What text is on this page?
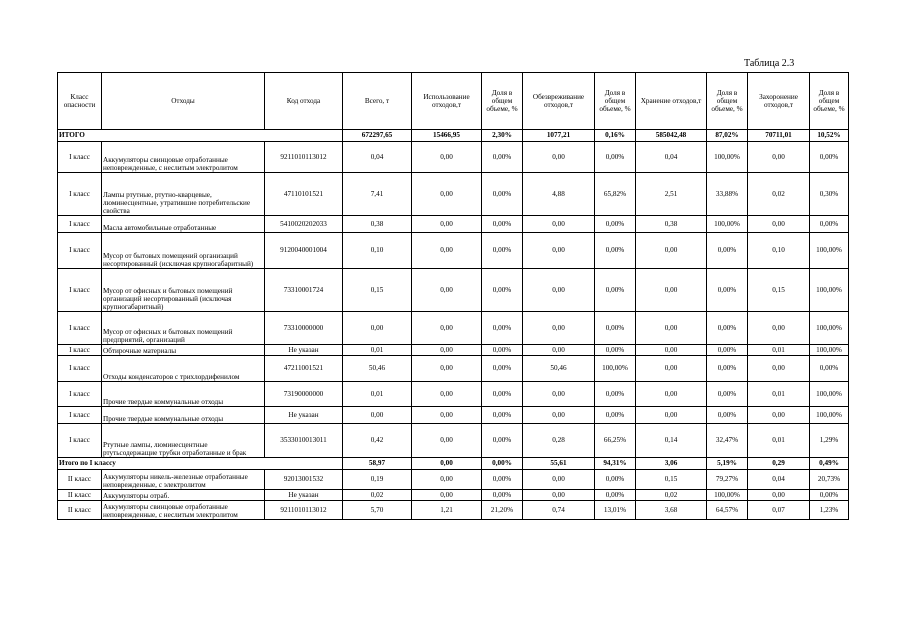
Таблица 2.3
Класс опасности	Отходы	Код отхода	Всего, т	Использование отходов,т	Доля в общем объеме, %	Обезвреживание отходов,т	Доля в общем объеме, %	Хранение отходов,т	Доля в общем объеме, %	Захоронение отходов,т	Доля в общем объеме, %
ИТОГО			672297,65	15466,95	2,30%	1077,21	0,16%	585042,48	87,02%	70711,01	10,52%
I класс	Аккумуляторы свинцовые отработанные неповрежденные, с неслитым электролитом	9211010113012	0,04	0,00	0,00%	0,00	0,00%	0,04	100,00%	0,00	0,00%
I класс	Лампы ртутные, ртутно-кварцевые, люминесцентные, утратившие потребительские свойства	47110101521	7,41	0,00	0,00%	4,88	65,82%	2,51	33,88%	0,02	0,30%
I класс	Масла автомобильные отработанные	5410020202033	0,38	0,00	0,00%	0,00	0,00%	0,38	100,00%	0,00	0,00%
I класс	Мусор от бытовых помещений организаций несортированный (исключая крупногабаритный)	9120040001004	0,10	0,00	0,00%	0,00	0,00%	0,00	0,00%	0,10	100,00%
I класс	Мусор от офисных и бытовых помещений организаций несортированный (исключая крупногабаритный)	73310001724	0,15	0,00	0,00%	0,00	0,00%	0,00	0,00%	0,15	100,00%
I класс	Мусор от офисных и бытовых помещений предприятий, организаций	73310000000	0,00	0,00	0,00%	0,00	0,00%	0,00	0,00%	0,00	100,00%
I класс	Обтирочные материалы	Не указан	0,01	0,00	0,00%	0,00	0,00%	0,00	0,00%	0,01	100,00%
I класс	Отходы конденсаторов с трихлордифенилом	47211001521	50,46	0,00	0,00%	50,46	100,00%	0,00	0,00%	0,00	0,00%
I класс	Прочие твердые коммунальные отходы	73190000000	0,01	0,00	0,00%	0,00	0,00%	0,00	0,00%	0,01	100,00%
I класс	Прочие твердые коммунальные отходы	Не указан	0,00	0,00	0,00%	0,00	0,00%	0,00	0,00%	0,00	100,00%
I класс	Ртутные лампы, люминесцентные ртутьсодержащие трубки отработанные и брак	3533010013011	0,42	0,00	0,00%	0,28	66,25%	0,14	32,47%	0,01	1,29%
Итого по I классу			58,97	0,00	0,00%	55,61	94,31%	3,06	5,19%	0,29	0,49%
II класс	Аккумуляторы никель-железные отработанные неповрежденные, с электролитом	92013001532	0,19	0,00	0,00%	0,00	0,00%	0,15	79,27%	0,04	20,73%
II класс	Аккумуляторы отраб.	Не указан	0,02	0,00	0,00%	0,00	0,00%	0,02	100,00%	0,00	0,00%
II класс	Аккумуляторы свинцовые отработанные неповрежденные, с неслитым электролитом	9211010113012	5,70	1,21	21,20%	0,74	13,01%	3,68	64,57%	0,07	1,23%
